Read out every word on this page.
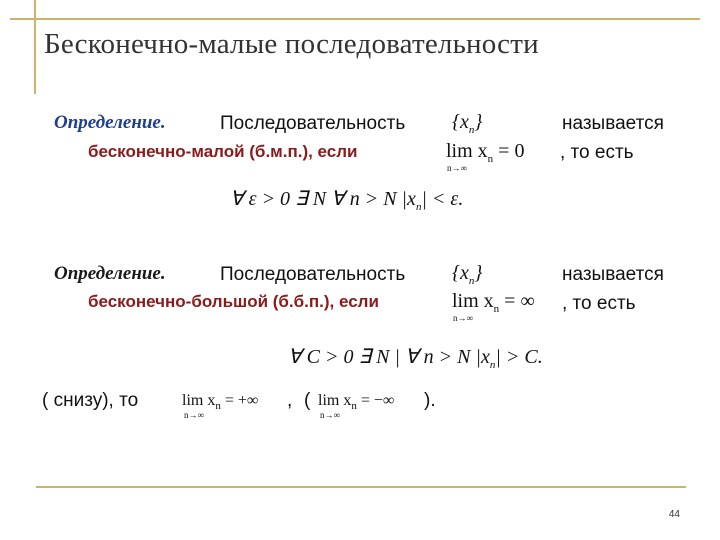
Бесконечно-малые последовательности
Определение.	Последовательность $\{x_n\}$	называется
бесконечно-малой (б.м.п.), если	$\lim x_n = 0$
n→∞
, то есть
∀ ε > 0 ∃ N ∀ n > N $|x_n| < \varepsilon$.
Определение.	Последовательность $\{x_n\}$	называется
бесконечно-большой (б.б.п.), если	$\lim x_n$ = ∞
n→∞
, то есть
∀ C > 0 ∃ N | ∀ n > N $|x_n| > C$.
( снизу), то	$\lim x_n$ = +∞
n→∞
, ( $\lim x_n$ = −∞
n→∞
).
44
